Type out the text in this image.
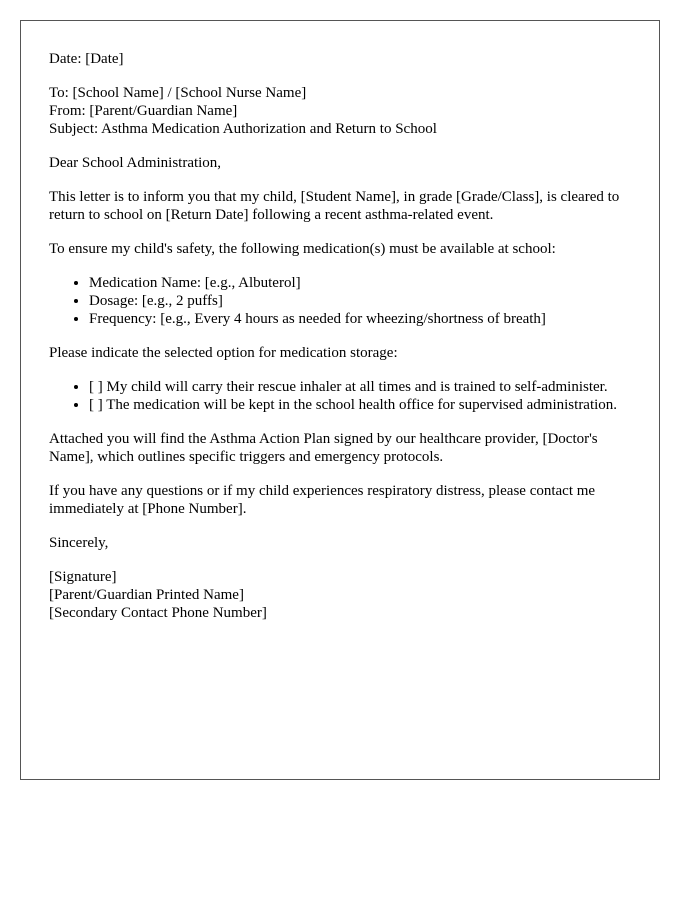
Date: [Date]

To: [School Name] / [School Nurse Name]
From: [Parent/Guardian Name]
Subject: Asthma Medication Authorization and Return to School

Dear School Administration,

This letter is to inform you that my child, [Student Name], in grade [Grade/Class], is cleared to return to school on [Return Date] following a recent asthma-related event.

To ensure my child's safety, the following medication(s) must be available at school:

• Medication Name: [e.g., Albuterol]
• Dosage: [e.g., 2 puffs]
• Frequency: [e.g., Every 4 hours as needed for wheezing/shortness of breath]

Please indicate the selected option for medication storage:

• [ ] My child will carry their rescue inhaler at all times and is trained to self-administer.
• [ ] The medication will be kept in the school health office for supervised administration.

Attached you will find the Asthma Action Plan signed by our healthcare provider, [Doctor's Name], which outlines specific triggers and emergency protocols.

If you have any questions or if my child experiences respiratory distress, please contact me immediately at [Phone Number].

Sincerely,

[Signature]
[Parent/Guardian Printed Name]
[Secondary Contact Phone Number]
